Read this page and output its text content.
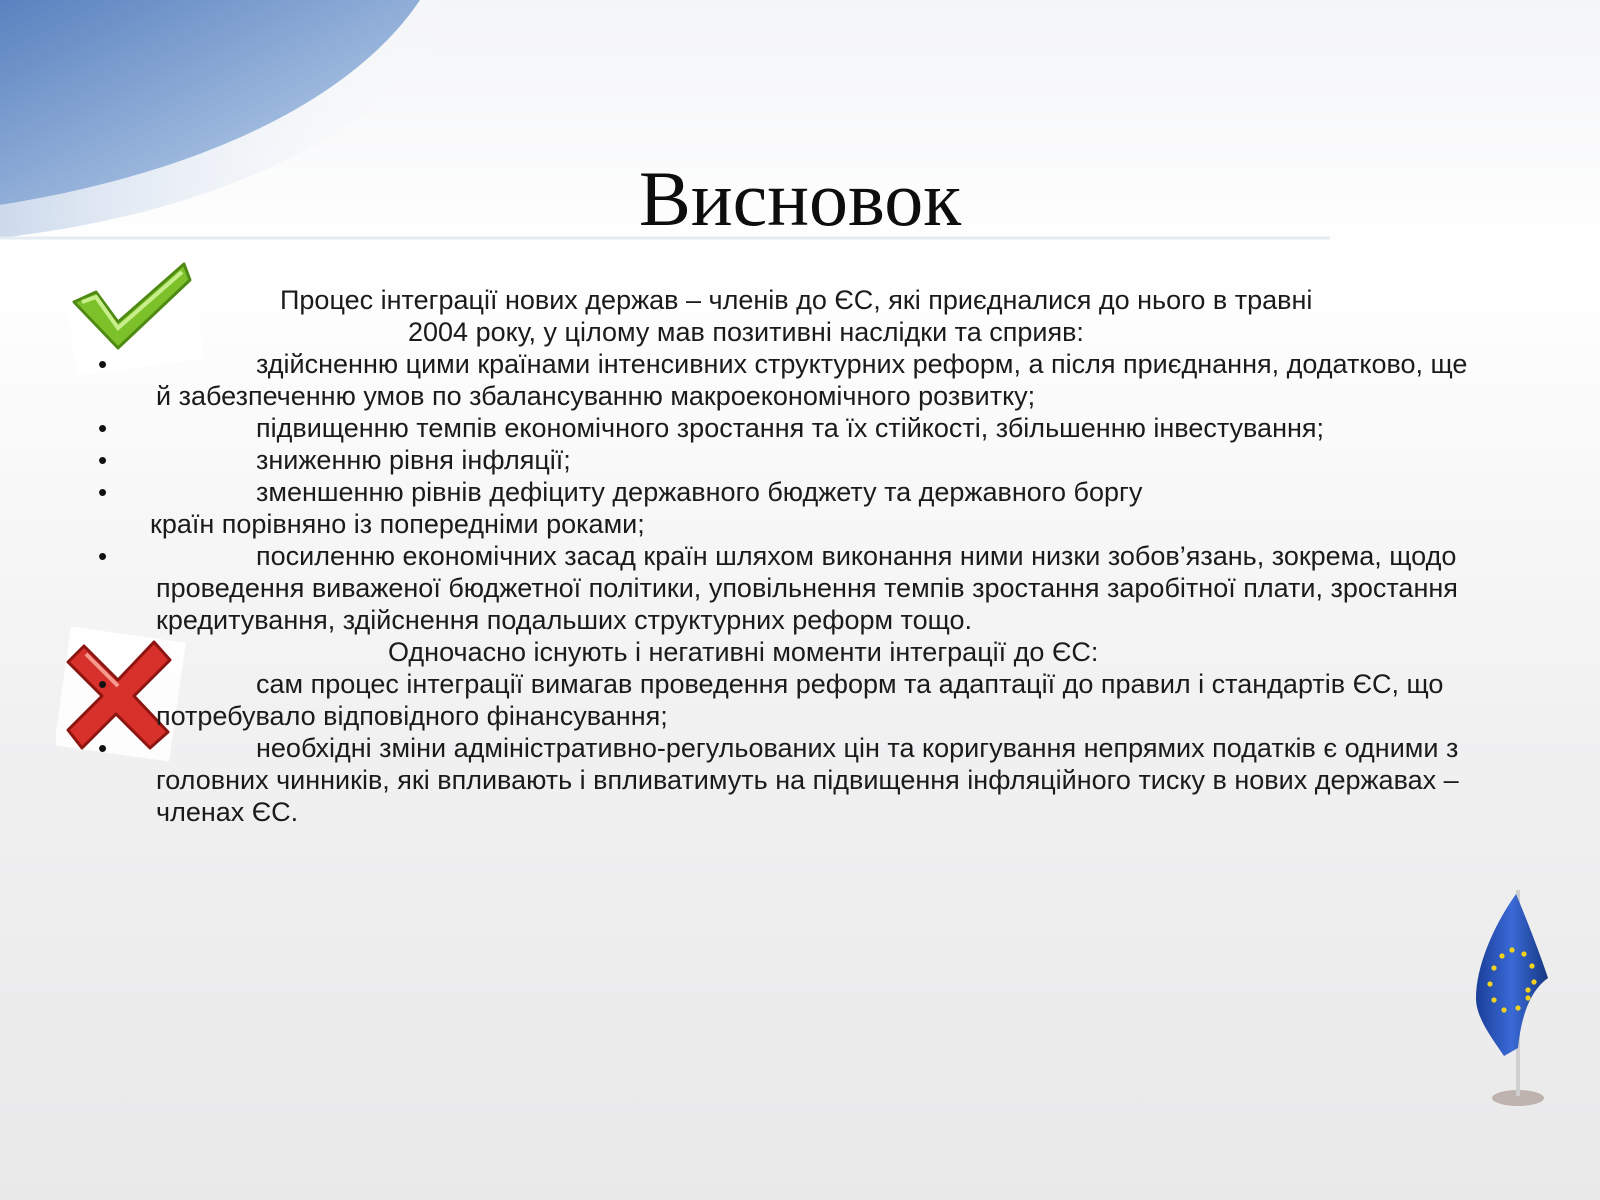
Висновок
Процес інтеграції нових держав – членів до ЄС, які приєдналися до нього в травні
2004 року, у цілому мав позитивні наслідки та сприяв:
•	здійсненню цими країнами інтенсивних структурних реформ, а після приєднання, додатково, ще й забезпеченню умов по збалансуванню макроекономічного розвитку;
•	підвищенню темпів економічного зростання та їх стійкості, збільшенню інвестування;
•	зниженню рівня інфляції;
•	зменшенню рівнів дефіциту державного бюджету та державного боргу
країн порівняно із попередніми роками;
•	посиленню економічних засад країн шляхом виконання ними низки зобов’язань, зокрема, щодо проведення виваженої бюджетної політики, уповільнення темпів зростання заробітної плати, зростання кредитування, здійснення подальших структурних реформ тощо.
Одночасно існують і негативні моменти інтеграції до ЄС:
•	сам процес інтеграції вимагав проведення реформ та адаптації до правил і стандартів ЄС, що потребувало відповідного фінансування;
•	необхідні зміни адміністративно-регульованих цін та коригування непрямих податків є одними з головних чинників, які впливають і впливатимуть на підвищення інфляційного тиску в нових державах – членах ЄС.
